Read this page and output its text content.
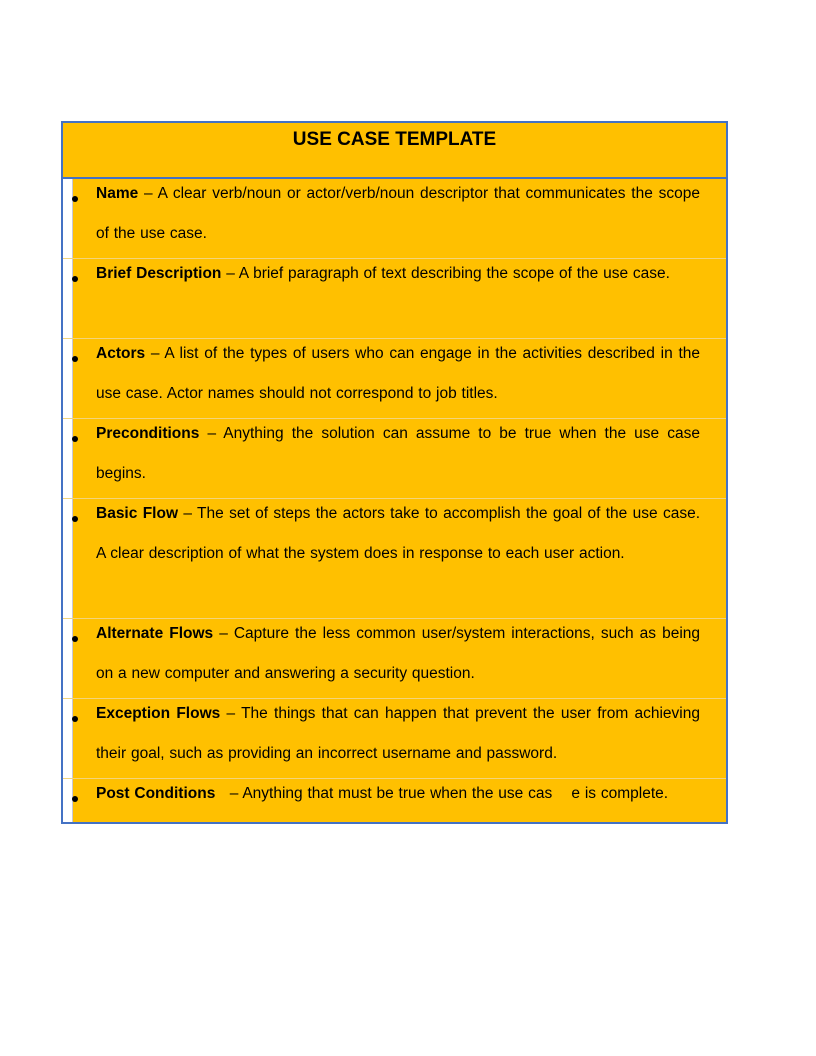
USE CASE TEMPLATE
Name – A clear verb/noun or actor/verb/noun descriptor that communicates the scope of the use case.
Brief Description – A brief paragraph of text describing the scope of the use case.
Actors – A list of the types of users who can engage in the activities described in the use case. Actor names should not correspond to job titles.
Preconditions – Anything the solution can assume to be true when the use case begins.
Basic Flow – The set of steps the actors take to accomplish the goal of the use case. A clear description of what the system does in response to each user action.
Alternate Flows – Capture the less common user/system interactions, such as being on a new computer and answering a security question.
Exception Flows – The things that can happen that prevent the user from achieving their goal, such as providing an incorrect username and password.
Post Conditions   – Anything that must be true when the use cas    e is complete.
